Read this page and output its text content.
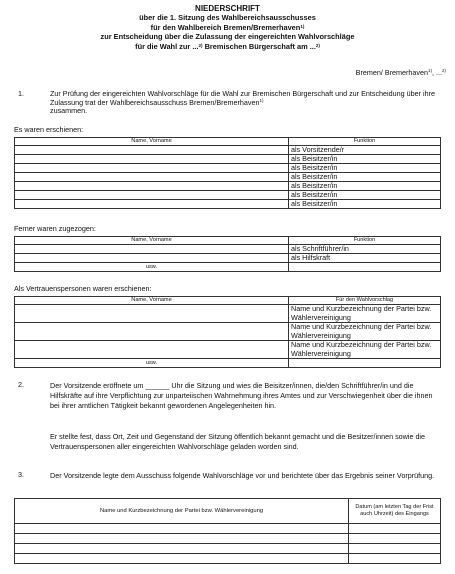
NIEDERSCHRIFT
über die 1. Sitzung des Wahlbereichsausschusses
für den Wahlbereich Bremen/Bremerhaven$^{1)}$
zur Entscheidung über die Zulassung der eingereichten Wahlvorschläge
für die Wahl zur ...$^{2)}$ Bremischen Bürgerschaft am ...$^{2)}$
Bremen/ Bremerhaven$^{1)}$, ...$^{2)}$
1.	Zur Prüfung der eingereichten Wahlvorschläge für die Wahl zur Bremischen Bürgerschaft und zur Entscheidung über ihre Zulassung trat der Wahlbereichsausschuss Bremen/Bremerhaven$^{1)}$
zusammen.
Es waren erschienen:
Name, Vorname	Funktion
	als Vorsitzende/r
	als Beisitzer/in
	als Beisitzer/in
	als Beisitzer/in
	als Beisitzer/in
	als Beisitzer/in
	als Beisitzer/in
Ferner waren zugezogen:
Name, Vorname	Funktion
	als Schriftführer/in
	als Hilfskraft
usw.	
Als Vertrauenspersonen waren erschienen:
Name, Vorname	Für den Wahlvorschlag
	Name und Kurzbezeichnung der Partei bzw. Wählervereinigung
	Name und Kurzbezeichnung der Partei bzw. Wählervereinigung
	Name und Kurzbezeichnung der Partei bzw. Wählervereinigung
usw.	
2.	Der Vorsitzende eröffnete um ______ Uhr die Sitzung und wies die Beisitzer/innen, die/den Schriftführer/in und die Hilfskräfte auf ihre Verpflichtung zur unparteiischen Wahrnehmung ihres Amtes und zur Verschwiegenheit über die ihnen bei ihrer amtlichen Tätigkeit bekannt gewordenen Angelegenheiten hin.
Er stellte fest, dass Ort, Zeit und Gegenstand der Sitzung öffentlich bekannt gemacht und die Besitzer/innen sowie die Vertrauenspersonen aller eingereichten Wahlvorschläge geladen worden sind.
3.	Der Vorsitzende legte dem Ausschuss folgende Wahlvorschläge vor und berichtete über das Ergebnis seiner Vorprüfung.
Name und Kurzbezeichnung der Partei bzw. Wählervereinigung	Datum (am letzten Tag der Frist auch Uhrzeit) des Eingangs
